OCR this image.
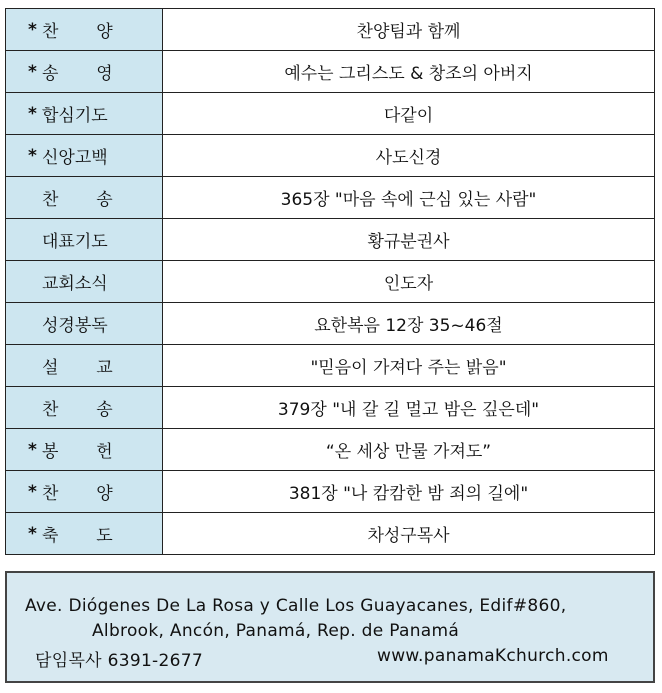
* 찬       양	찬양팀과 함께

* 송       영	예수는 그리스도 & 창조의 아버지

* 합심기도	다같이

* 신앙고백	사도신경

찬       송	365장 "마음 속에 근심 있는 사람"

대표기도	황규분권사

교회소식	인도자

성경봉독	요한복음 12장 35~46절

설       교	"믿음이 가져다 주는 밝음"

찬       송	379장 "내 갈 길 멀고 밤은 깊은데"

* 봉       헌	“온 세상 만물 가져도”

* 찬       양	381장 "나 캄캄한 밤 죄의 길에"

* 축       도	차성구목사
Ave. Diógenes De La Rosa y Calle Los Guayacanes, Edif#860,
Albrook, Ancón, Panamá, Rep. de Panamá
담임목사 6391-2677	www.panamaKchurch.com
